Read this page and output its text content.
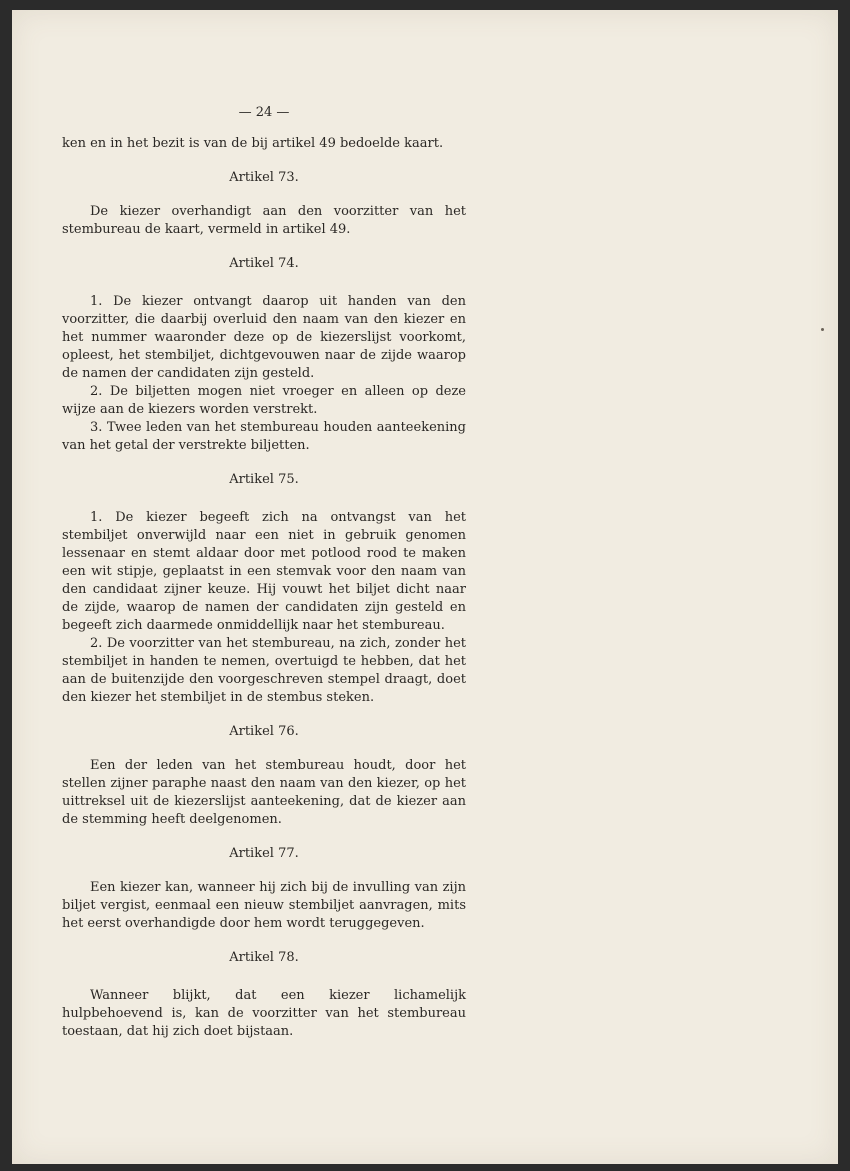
— 24 —

ken en in het bezit is van de bij artikel 49 bedoelde kaart.

Artikel 73.

De kiezer overhandigt aan den voorzitter van het stembureau de kaart, vermeld in artikel 49.

Artikel 74.

1. De kiezer ontvangt daarop uit handen van den voorzitter, die daarbij overluid den naam van den kiezer en het nummer waaronder deze op de kiezerslijst voorkomt, opleest, het stembiljet, dichtgevouwen naar de zijde waarop de namen der candidaten zijn gesteld.

2. De biljetten mogen niet vroeger en alleen op deze wijze aan de kiezers worden verstrekt.

3. Twee leden van het stembureau houden aanteekening van het getal der verstrekte biljetten.

Artikel 75.

1. De kiezer begeeft zich na ontvangst van het stembiljet onverwijld naar een niet in gebruik genomen lessenaar en stemt aldaar door met potlood rood te maken een wit stipje, geplaatst in een stemvak voor den naam van den candidaat zijner keuze. Hij vouwt het biljet dicht naar de zijde, waarop de namen der candidaten zijn gesteld en begeeft zich daarmede onmiddellijk naar het stembureau.

2. De voorzitter van het stembureau, na zich, zonder het stembiljet in handen te nemen, overtuigd te hebben, dat het aan de buitenzijde den voorgeschreven stempel draagt, doet den kiezer het stembiljet in de stembus steken.

Artikel 76.

Een der leden van het stembureau houdt, door het stellen zijner paraphe naast den naam van den kiezer, op het uittreksel uit de kiezerslijst aanteekening, dat de kiezer aan de stemming heeft deelgenomen.

Artikel 77.

Een kiezer kan, wanneer hij zich bij de invulling van zijn biljet vergist, eenmaal een nieuw stembiljet aanvragen, mits het eerst overhandigde door hem wordt teruggegeven.

Artikel 78.

Wanneer blijkt, dat een kiezer lichamelijk hulpbehoevend is, kan de voorzitter van het stembureau toestaan, dat hij zich doet bijstaan.
